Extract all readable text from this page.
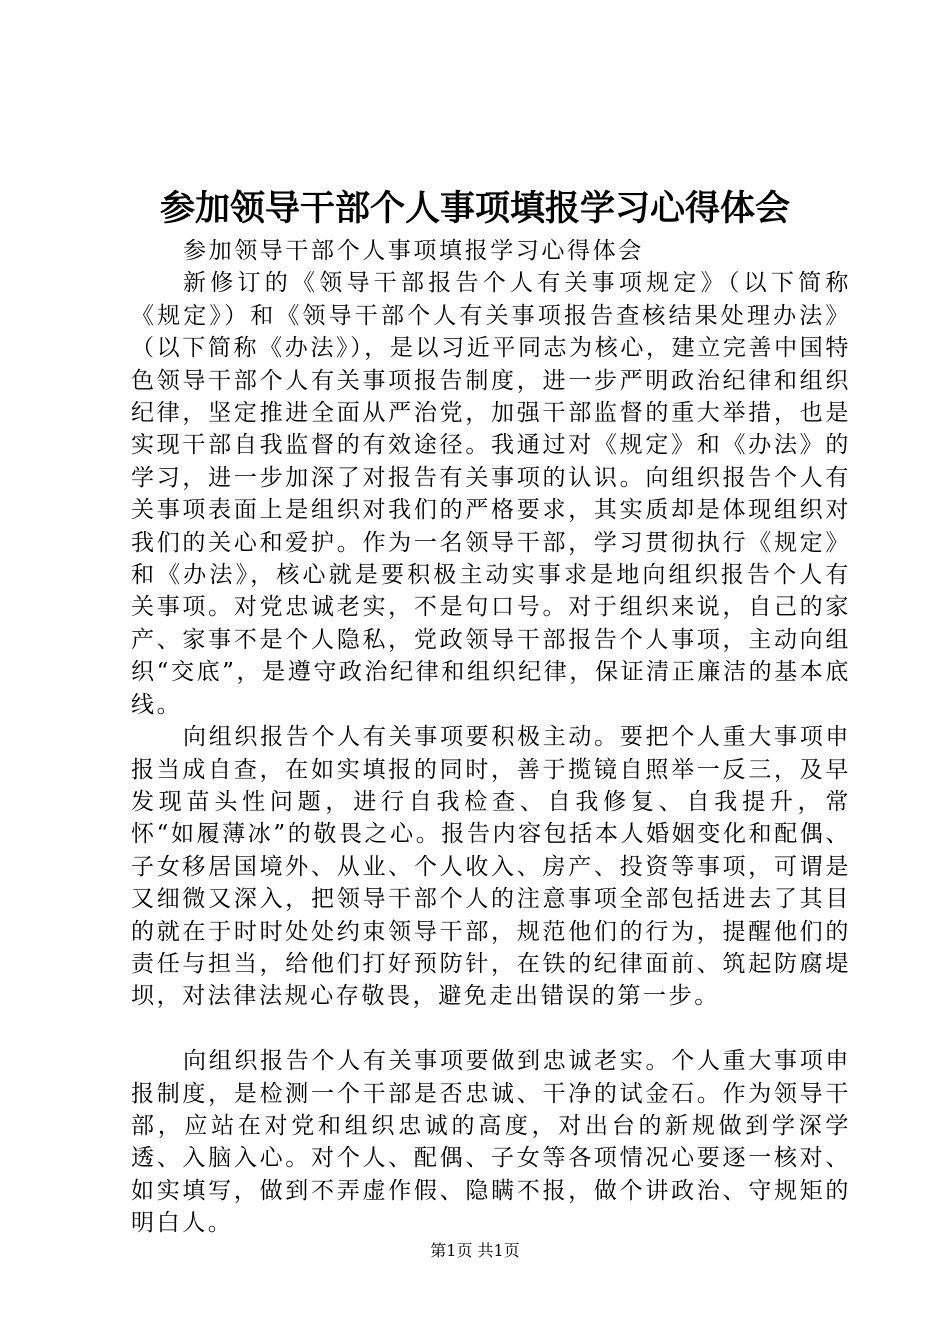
参加领导干部个人事项填报学习心得体会

参加领导干部个人事项填报学习心得体会

新修订的《领导干部报告个人有关事项规定》（以下简称《规定》）和《领导干部个人有关事项报告查核结果处理办法》（以下简称《办法》），是以习近平同志为核心，建立完善中国特色领导干部个人有关事项报告制度，进一步严明政治纪律和组织纪律，坚定推进全面从严治党，加强干部监督的重大举措，也是实现干部自我监督的有效途径。我通过对《规定》和《办法》的学习，进一步加深了对报告有关事项的认识。向组织报告个人有关事项表面上是组织对我们的严格要求，其实质却是体现组织对我们的关心和爱护。作为一名领导干部，学习贯彻执行《规定》和《办法》，核心就是要积极主动实事求是地向组织报告个人有关事项。对党忠诚老实，不是句口号。对于组织来说，自己的家产、家事不是个人隐私，党政领导干部报告个人事项，主动向组织“交底”，是遵守政治纪律和组织纪律，保证清正廉洁的基本底线。

向组织报告个人有关事项要积极主动。要把个人重大事项申报当成自查，在如实填报的同时，善于揽镜自照举一反三，及早发现苗头性问题，进行自我检查、自我修复、自我提升，常怀“如履薄冰”的敬畏之心。报告内容包括本人婚姻变化和配偶、子女移居国境外、从业、个人收入、房产、投资等事项，可谓是又细微又深入，把领导干部个人的注意事项全部包括进去了其目的就在于时时处处约束领导干部，规范他们的行为，提醒他们的责任与担当，给他们打好预防针，在铁的纪律面前、筑起防腐堤坝，对法律法规心存敬畏，避免走出错误的第一步。

向组织报告个人有关事项要做到忠诚老实。个人重大事项申报制度，是检测一个干部是否忠诚、干净的试金石。作为领导干部，应站在对党和组织忠诚的高度，对出台的新规做到学深学透、入脑入心。对个人、配偶、子女等各项情况心要逐一核对、如实填写，做到不弄虚作假、隐瞒不报，做个讲政治、守规矩的明白人。

第1页 共1页
